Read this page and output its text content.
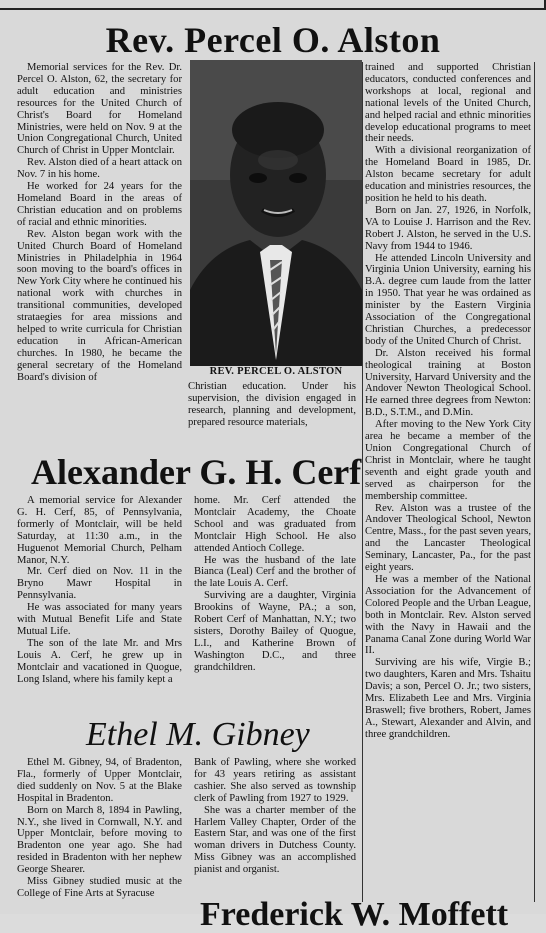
Rev. Percel O. Alston

Memorial services for the Rev. Dr. Percel O. Alston, 62, the secretary for adult education and ministries resources for the United Church of Christ's Board for Homeland Ministries, were held on Nov. 9 at the Union Congregational Church, United Church of Christ in Upper Montclair.

Rev. Alston died of a heart attack on Nov. 7 in his home.

He worked for 24 years for the Homeland Board in the areas of Christian education and on problems of racial and ethnic minorities.

Rev. Alston began work with the United Church Board of Homeland Ministries in Philadelphia in 1964 soon moving to the board's offices in New York City where he continued his national work with churches in transitional communities, developed strataegies for area missions and helped to write curricula for Christian education in African-American churches. In 1980, he became the general secretary of the Homeland Board's division of

REV. PERCEL O. ALSTON

Christian education. Under his supervision, the division engaged in research, planning and development, prepared resource materials,

trained and supported Christian educators, conducted conferences and workshops at local, regional and national levels of the United Church, and helped racial and ethnic minorities develop educational programs to meet their needs.

With a divisional reorganization of the Homeland Board in 1985, Dr. Alston became secretary for adult education and ministries resources, the position he held to his death.

Born on Jan. 27, 1926, in Norfolk, VA to Louise J. Harrison and the Rev. Robert J. Alston, he served in the U.S. Navy from 1944 to 1946.

He attended Lincoln University and Virginia Union University, earning his B.A. degree cum laude from the latter in 1950. That year he was ordained as minister by the Eastern Virginia Association of the Congregational Christian Churches, a predecessor body of the United Church of Christ.

Dr. Alston received his formal theological training at Boston University, Harvard University and the Andover Newton Theological School. He earned three degrees from Newton: B.D., S.T.M., and D.Min.

After moving to the New York City area he became a member of the Union Congregational Church of Christ in Montclair, where he taught seventh and eight grade youth and served as chairperson for the membership committee.

Rev. Alston was a trustee of the Andover Theological School, Newton Centre, Mass., for the past seven years, and the Lancaster Theological Seminary, Lancaster, Pa., for the past eight years.

He was a member of the National Association for the Advancement of Colored People and the Urban League, both in Montclair. Rev. Alston served with the Navy in Hawaii and the Panama Canal Zone during World War II.

Surviving are his wife, Virgie B.; two daughters, Karen and Mrs. Tshaitu Davis; a son, Percel O. Jr.; two sisters, Mrs. Elizabeth Lee and Mrs. Virginia Braswell; five brothers, Robert, James A., Stewart, Alexander and Alvin, and three grandchildren.

Alexander G. H. Cerf

A memorial service for Alexander G. H. Cerf, 85, of Pennsylvania, formerly of Montclair, will be held Saturday, at 11:30 a.m., in the Huguenot Memorial Church, Pelham Manor, N.Y.

Mr. Cerf died on Nov. 11 in the Bryno Mawr Hospital in Pennsylvania.

He was associated for many years with Mutual Benefit Life and State Mutual Life.

The son of the late Mr. and Mrs Louis A. Cerf, he grew up in Montclair and vacationed in Quogue, Long Island, where his family kept a

home. Mr. Cerf attended the Montclair Academy, the Choate School and was graduated from Montclair High School. He also attended Antioch College.

He was the husband of the late Bianca (Leal) Cerf and the brother of the late Louis A. Cerf.

Surviving are a daughter, Virginia Brookins of Wayne, PA.; a son, Robert Cerf of Manhattan, N.Y.; two sisters, Dorothy Bailey of Quogue, L.I., and Katherine Brown of Washington D.C., and three grandchildren.

Ethel M. Gibney

Ethel M. Gibney, 94, of Bradenton, Fla., formerly of Upper Montclair, died suddenly on Nov. 5 at the Blake Hospital in Bradenton.

Born on March 8, 1894 in Pawling, N.Y., she lived in Cornwall, N.Y. and Upper Montclair, before moving to Bradenton one year ago. She had resided in Bradenton with her nephew George Shearer.

Miss Gibney studied music at the College of Fine Arts at Syracuse

Bank of Pawling, where she worked for 43 years retiring as assistant cashier. She also served as township clerk of Pawling from 1927 to 1929.

She was a charter member of the Harlem Valley Chapter, Order of the Eastern Star, and was one of the first woman drivers in Dutchess County. Miss Gibney was an accomplished pianist and organist.

Frederick W. Moffett
